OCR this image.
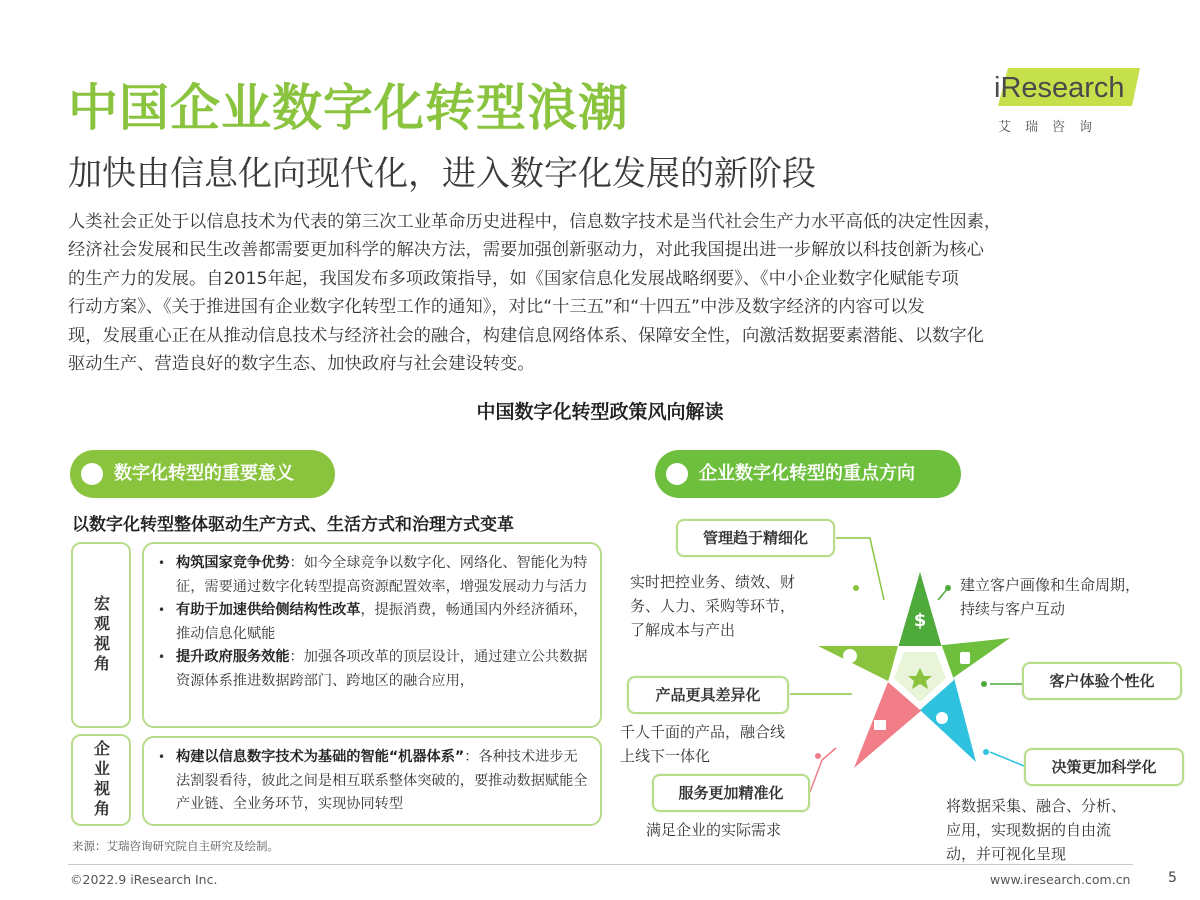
中国企业数字化转型浪潮
加快由信息化向现代化，进入数字化发展的新阶段
iResearch
艾瑞咨询
人类社会正处于以信息技术为代表的第三次工业革命历史进程中，信息数字技术是当代社会生产力水平高低的决定性因素，
经济社会发展和民生改善都需要更加科学的解决方法，需要加强创新驱动力，对此我国提出进一步解放以科技创新为核心
的生产力的发展。自2015年起，我国发布多项政策指导，如《国家信息化发展战略纲要》、《中小企业数字化赋能专项
行动方案》、《关于推进国有企业数字化转型工作的通知》，对比“十三五”和“十四五”中涉及数字经济的内容可以发
现，发展重心正在从推动信息技术与经济社会的融合，构建信息网络体系、保障安全性，向激活数据要素潜能、以数字化
驱动生产、营造良好的数字生态、加快政府与社会建设转变。
中国数字化转型政策风向解读
数字化转型的重要意义
以数字化转型整体驱动生产方式、生活方式和治理方式变革
宏观视角
• 构筑国家竞争优势：如今全球竞争以数字化、网络化、智能化为特征，需要通过数字化转型提高资源配置效率，增强发展动力与活力
• 有助于加速供给侧结构性改革，提振消费，畅通国内外经济循环，推动信息化赋能
• 提升政府服务效能：加强各项改革的顶层设计，通过建立公共数据资源体系推进数据跨部门、跨地区的融合应用，
企业视角
•	构建以信息数字技术为基础的智能“机器体系”：各种技术进步无法割裂看待，彼此之间是相互联系整体突破的，要推动数据赋能全产业链、全业务环节，实现协同转型
企业数字化转型的重点方向
$
管理趋于精细化
产品更具差异化
客户体验个性化
决策更加科学化
服务更加精准化
实时把控业务、绩效、财
务、人力、采购等环节，
了解成本与产出
建立客户画像和生命周期，
持续与客户互动
千人千面的产品，融合线
上线下一体化
将数据采集、融合、分析、
应用，实现数据的自由流
动，并可视化呈现
满足企业的实际需求
来源：艾瑞咨询研究院自主研究及绘制。
©2022.9 iResearch Inc.	www.iresearch.com.cn	5
